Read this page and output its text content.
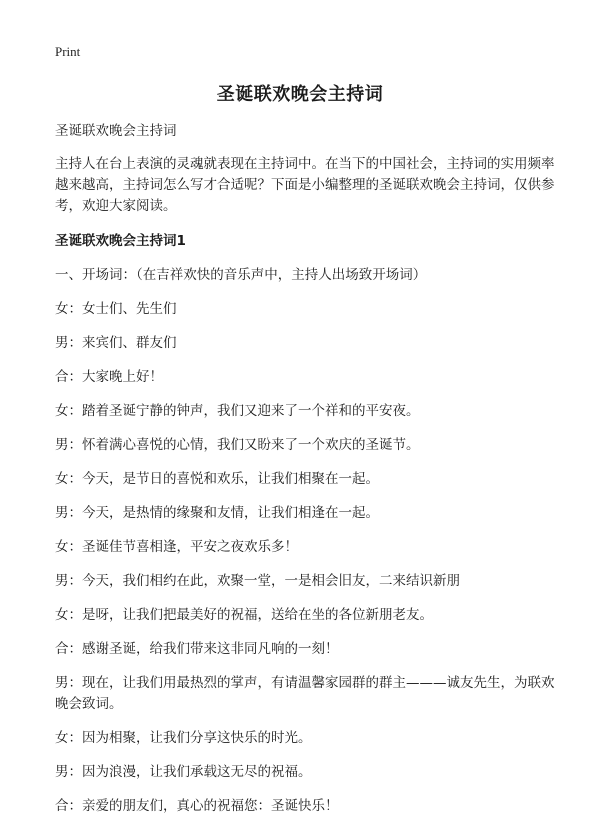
Print
圣诞联欢晚会主持词

圣诞联欢晚会主持词

主持人在台上表演的灵魂就表现在主持词中。在当下的中国社会，主持词的实用频率越来越高，主持词怎么写才合适呢？下面是小编整理的圣诞联欢晚会主持词，仅供参考，欢迎大家阅读。

圣诞联欢晚会主持词1

一、开场词：（在吉祥欢快的音乐声中，主持人出场致开场词）

女：女士们、先生们

男：来宾们、群友们

合：大家晚上好！

女：踏着圣诞宁静的钟声，我们又迎来了一个祥和的平安夜。

男：怀着满心喜悦的心情，我们又盼来了一个欢庆的圣诞节。

女：今天，是节日的喜悦和欢乐，让我们相聚在一起。

男：今天，是热情的缘聚和友情，让我们相逢在一起。

女：圣诞佳节喜相逢，平安之夜欢乐多！

男：今天，我们相约在此，欢聚一堂，一是相会旧友，二来结识新朋

女：是呀，让我们把最美好的祝福，送给在坐的各位新朋老友。

合：感谢圣诞，给我们带来这非同凡响的一刻！

男：现在，让我们用最热烈的掌声，有请温馨家园群的群主———诚友先生，为联欢晚会致词。

女：因为相聚，让我们分享这快乐的时光。

男：因为浪漫，让我们承载这无尽的祝福。

合：亲爱的朋友们，真心的祝福您：圣诞快乐！
